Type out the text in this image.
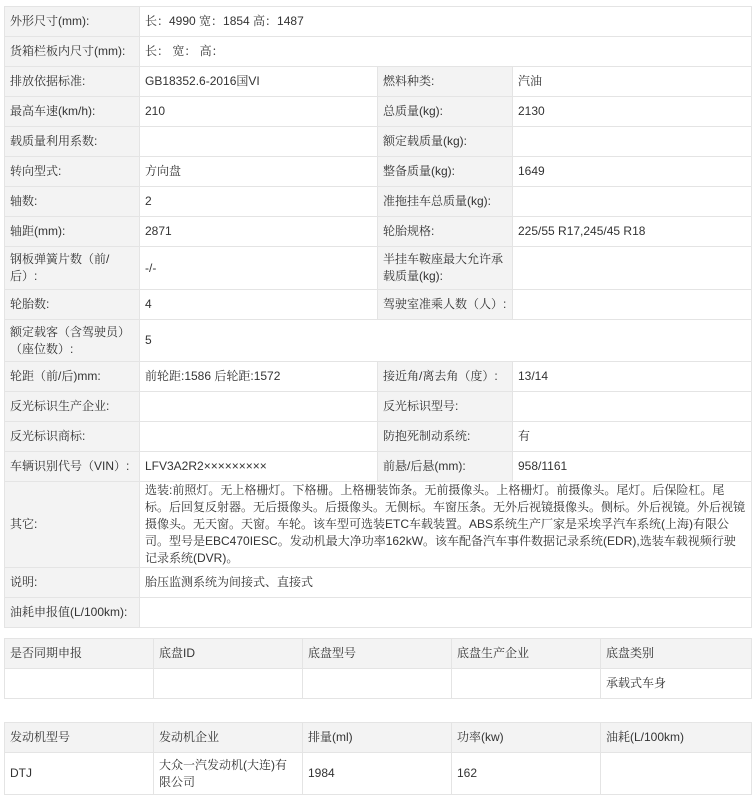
外形尺寸(mm):	长：4990 宽：1854 高：1487		
货箱栏板内尺寸(mm):	长： 宽： 高：		
排放依据标准:	GB18352.6-2016国VI	燃料种类:	汽油
最高车速(km/h):	210	总质量(kg):	2130
载质量利用系数:		额定载质量(kg):	
转向型式:	方向盘	整备质量(kg):	1649
轴数:	2	准拖挂车总质量(kg):	
轴距(mm):	2871	轮胎规格:	225/55 R17,245/45 R18
钢板弹簧片数（前/后）:	-/-	半挂车鞍座最大允许承载质量(kg):	
轮胎数:	4	驾驶室准乘人数（人）:	
额定载客（含驾驶员）（座位数）:	5		
轮距（前/后)mm:	前轮距:1586 后轮距:1572	接近角/离去角（度）:	13/14
反光标识生产企业:		反光标识型号:	
反光标识商标:		防抱死制动系统:	有
车辆识别代号（VIN）:	LFV3A2R2×××××××××	前悬/后悬(mm):	958/1161
其它:	选装:前照灯。无上格栅灯。下格栅。上格栅装饰条。无前摄像头。上格栅灯。前摄像头。尾灯。后保险杠。尾标。后回复反射器。无后摄像头。后摄像头。无侧标。车窗压条。无外后视镜摄像头。侧标。外后视镜。外后视镜摄像头。无天窗。天窗。车轮。该车型可选装ETC车载装置。ABS系统生产厂家是采埃孚汽车系统(上海)有限公司。型号是EBC470IESC。发动机最大净功率162kW。该车配备汽车事件数据记录系统(EDR),选装车载视频行驶记录系统(DVR)。		
说明:	胎压监测系统为间接式、直接式		
油耗申报值(L/100km):			
是否同期申报	底盘ID	底盘型号	底盘生产企业	底盘类别
				承载式车身
发动机型号	发动机企业	排量(ml)	功率(kw)	油耗(L/100km)
DTJ	大众一汽发动机(大连)有限公司	1984	162	
